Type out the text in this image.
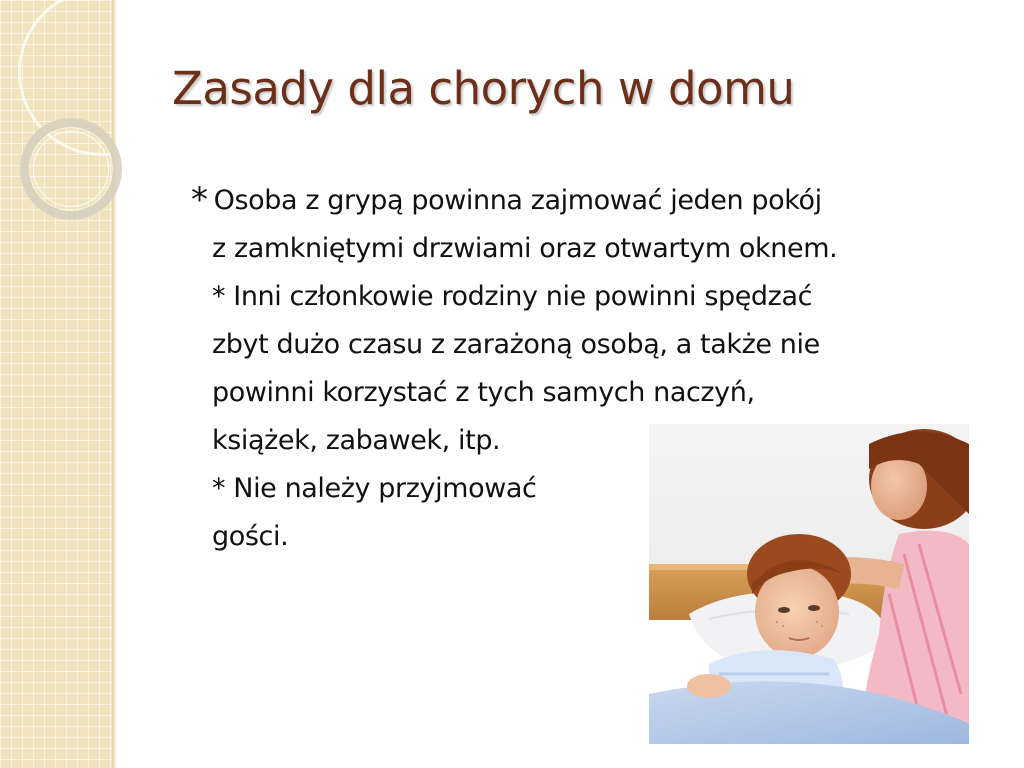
Zasady dla chorych w domu

* Osoba z grypą powinna zajmować jeden pokój
z zamkniętymi drzwiami oraz otwartym oknem.

* Inni członkowie rodziny nie powinni spędzać
zbyt dużo czasu z zarażoną osobą, a także nie
powinni korzystać z tych samych naczyń,
książek, zabawek, itp.

* Nie należy przyjmować
gości.
